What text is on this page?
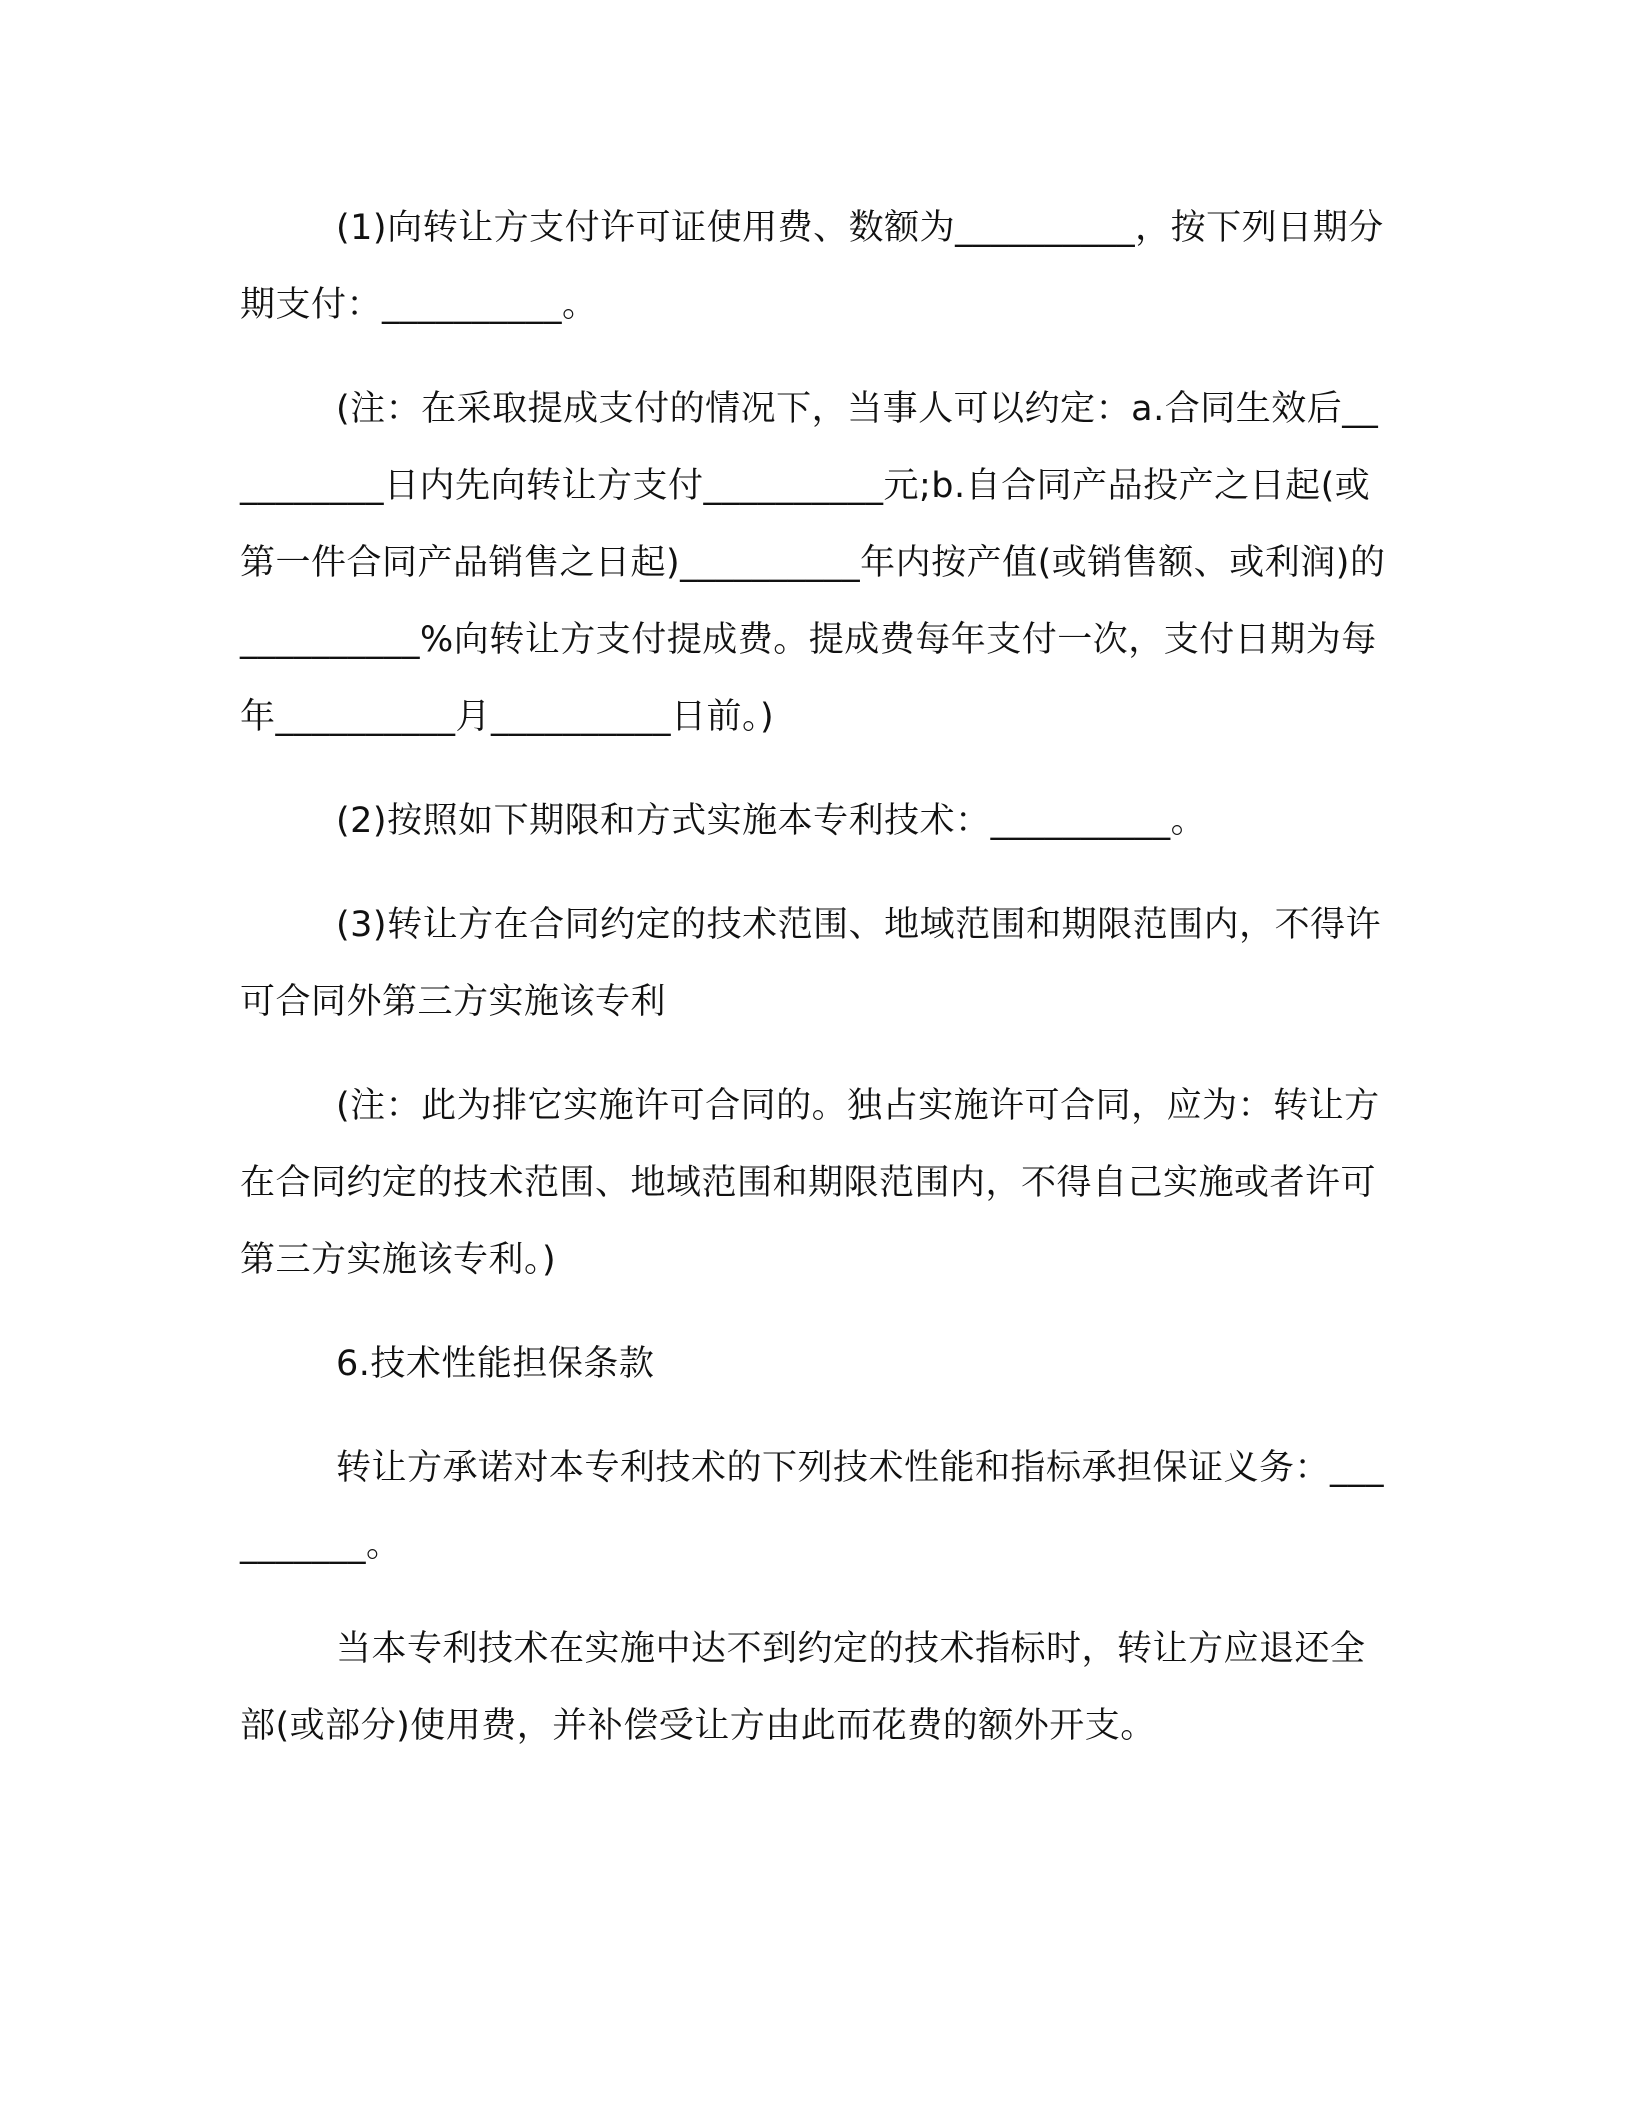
(1)向转让方支付许可证使用费、数额为__________，按下列日期分期支付：__________。

(注：在采取提成支付的情况下，当事人可以约定：a.合同生效后__________日内先向转让方支付__________元;b.自合同产品投产之日起(或第一件合同产品销售之日起)__________年内按产值(或销售额、或利润)的__________%向转让方支付提成费。提成费每年支付一次，支付日期为每年__________月__________日前。)

(2)按照如下期限和方式实施本专利技术：__________。

(3)转让方在合同约定的技术范围、地域范围和期限范围内，不得许可合同外第三方实施该专利

(注：此为排它实施许可合同的。独占实施许可合同，应为：转让方在合同约定的技术范围、地域范围和期限范围内，不得自己实施或者许可第三方实施该专利。)

6.技术性能担保条款

转让方承诺对本专利技术的下列技术性能和指标承担保证义务：__________。

当本专利技术在实施中达不到约定的技术指标时，转让方应退还全部(或部分)使用费，并补偿受让方由此而花费的额外开支。
